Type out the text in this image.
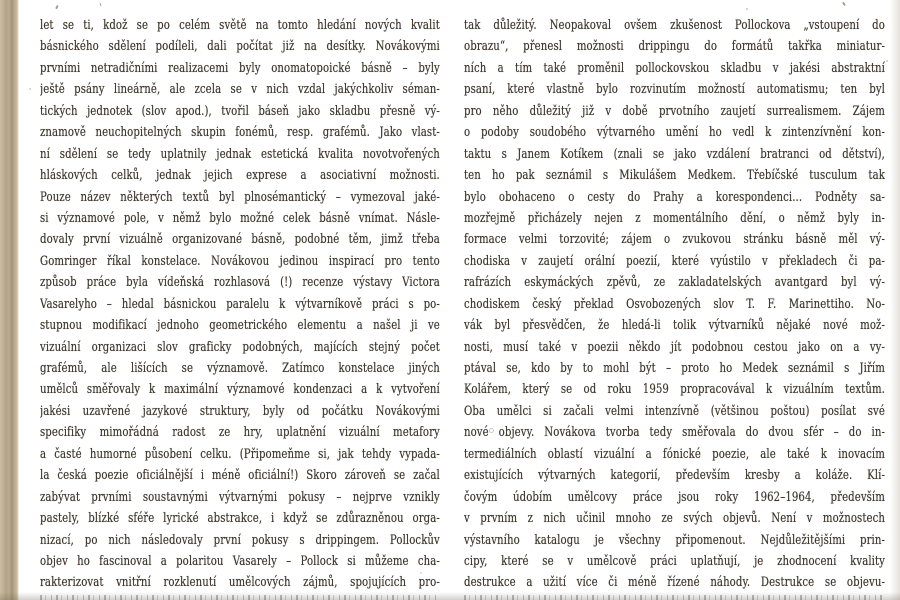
let se ti, kdož se po celém světě na tomto hledání nových kvalit
básnického sdělení podíleli, dali počítat již na desítky. Novákovými
prvními netradičními realizacemi byly onomatopoické básně – byly
ještě psány lineárně, ale zcela se v nich vzdal jakýchkoliv séman-
tických jednotek (slov apod.), tvořil báseň jako skladbu přesně vý-
znamově neuchopitelných skupin fonémů, resp. grafémů. Jako vlast-
ní sdělení se tedy uplatnily jednak estetická kvalita novotvořených
hláskových celků, jednak jejich exprese a asociativní možnosti.
Pouze název některých textů byl plnosémantický – vymezoval jaké-
si významové pole, v němž bylo možné celek básně vnímat. Násle-
dovaly první vizuálně organizované básně, podobné těm, jimž třeba
Gomringer říkal konstelace. Novákovou jedinou inspirací pro tento
způsob práce byla vídeňská rozhlasová (!) recenze výstavy Victora
Vasarelyho – hledal básnickou paralelu k výtvarníkově práci s po-
stupnou modifikací jednoho geometrického elementu a našel ji ve
vizuální organizaci slov graficky podobných, majících stejný počet
grafémů, ale lišících se významově. Zatímco konstelace jiných
umělců směřovaly k maximální významové kondenzaci a k vytvoření
jakési uzavřené jazykové struktury, byly od počátku Novákovými
specifiky mimořádná radost ze hry, uplatnění vizuální metafory
a časté humorné působení celku. (Připomeňme si, jak tehdy vypada-
la česká poezie oficiálnější i méně oficiální!) Skoro zároveň se začal
zabývat prvními soustavnými výtvarnými pokusy – nejprve vznikly
pastely, blízké sféře lyrické abstrakce, i když se zdůrazněnou orga-
nizací, po nich následovaly první pokusy s drippingem. Pollockův
objev ho fascinoval a polaritou Vasarely – Pollock si můžeme cha-
rakterizovat vnitřní rozklenutí umělcových zájmů, spojujících pro-
tak důležitý. Neopakoval ovšem zkušenost Pollockova „vstoupení do
obrazu“, přenesl možnosti drippingu do formátů takřka miniatur-
ních a tím také proměnil pollockovskou skladbu v jakési abstraktní
psaní, které vlastně bylo rozvinutím možností automatismu; ten byl
pro něho důležitý již v době prvotního zaujetí surrealismem. Zájem
o podoby soudobého výtvarného umění ho vedl k zintenzívnění kon-
taktu s Janem Kotíkem (znali se jako vzdálení bratranci od dětství),
ten ho pak seznámil s Mikulášem Medkem. Třebíčské tusculum tak
bylo obohaceno o cesty do Prahy a korespondenci... Podněty sa-
mozřejmě přicházely nejen z momentálního dění, o němž byly in-
formace velmi torzovité; zájem o zvukovou stránku básně měl vý-
chodiska v zaujetí orální poezií, které vyústilo v překladech či pa-
rafrázích eskymáckých zpěvů, ze zakladatelských avantgard byl vý-
chodiskem český překlad Osvobozených slov T. F. Marinettiho. No-
vák byl přesvědčen, že hledá-li tolik výtvarníků nějaké nové mož-
nosti, musí také v poezii někdo jít podobnou cestou jako on a vy-
ptával se, kdo by to mohl být – proto ho Medek seznámil s Jiřím
Kolářem, který se od roku 1959 propracovával k vizuálním textům.
Oba umělci si začali velmi intenzívně (většinou poštou) posílat své
nové objevy. Novákova tvorba tedy směřovala do dvou sfér – do in-
termediálních oblastí vizuální a fónické poezie, ale také k inovacím
existujících výtvarných kategorií, především kresby a koláže. Klí-
čovým údobím umělcovy práce jsou roky 1962–1964, především
v prvním z nich učinil mnoho ze svých objevů. Není v možnostech
výstavního katalogu je všechny připomenout. Nejdůležitějšími prin-
cipy, které se v umělcově práci uplatňují, je zhodnocení kvality
destrukce a užití více či méně řízené náhody. Destrukce se objevu-
